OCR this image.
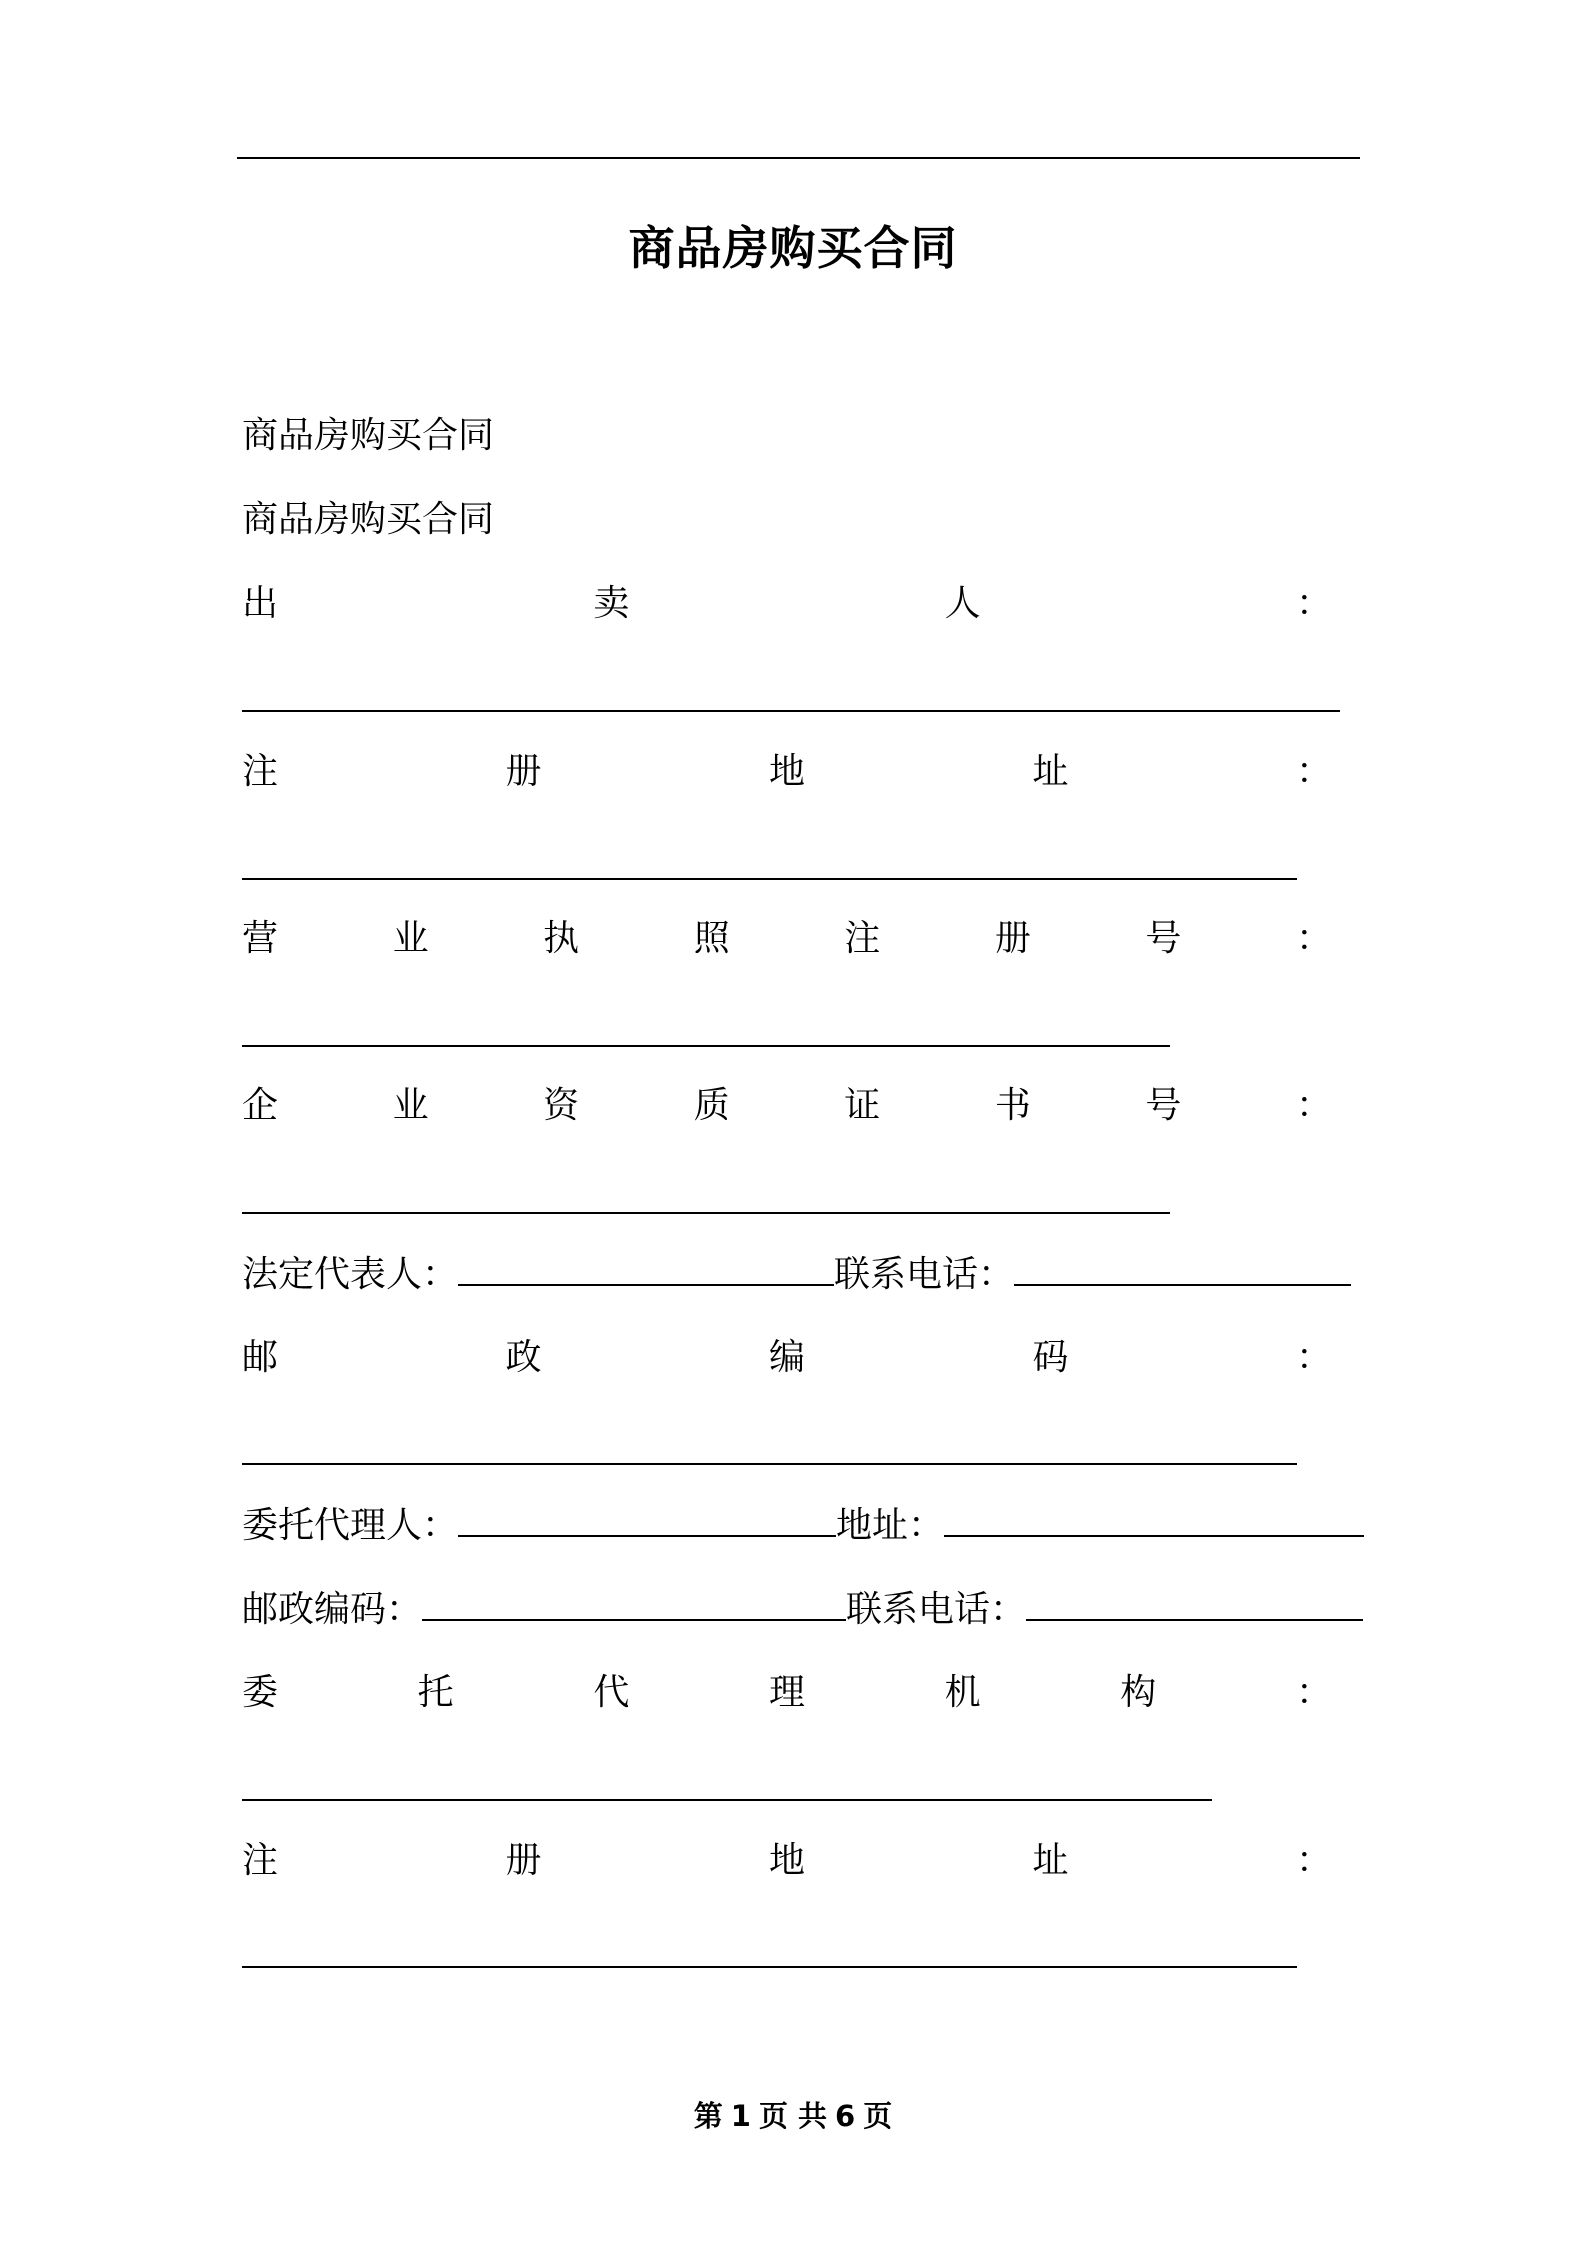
商品房购买合同
商品房购买合同
商品房购买合同
出	卖	人	：
注	册	地	址	：
营	业	执	照	注	册	号	：
企	业	资	质	证	书	号	：
法定代表人：	联系电话：
邮	政	编	码	：
委托代理人：	地址：
邮政编码：	联系电话：
委	托	代	理	机	构	：
注	册	地	址	：
第 1 页 共 6 页
